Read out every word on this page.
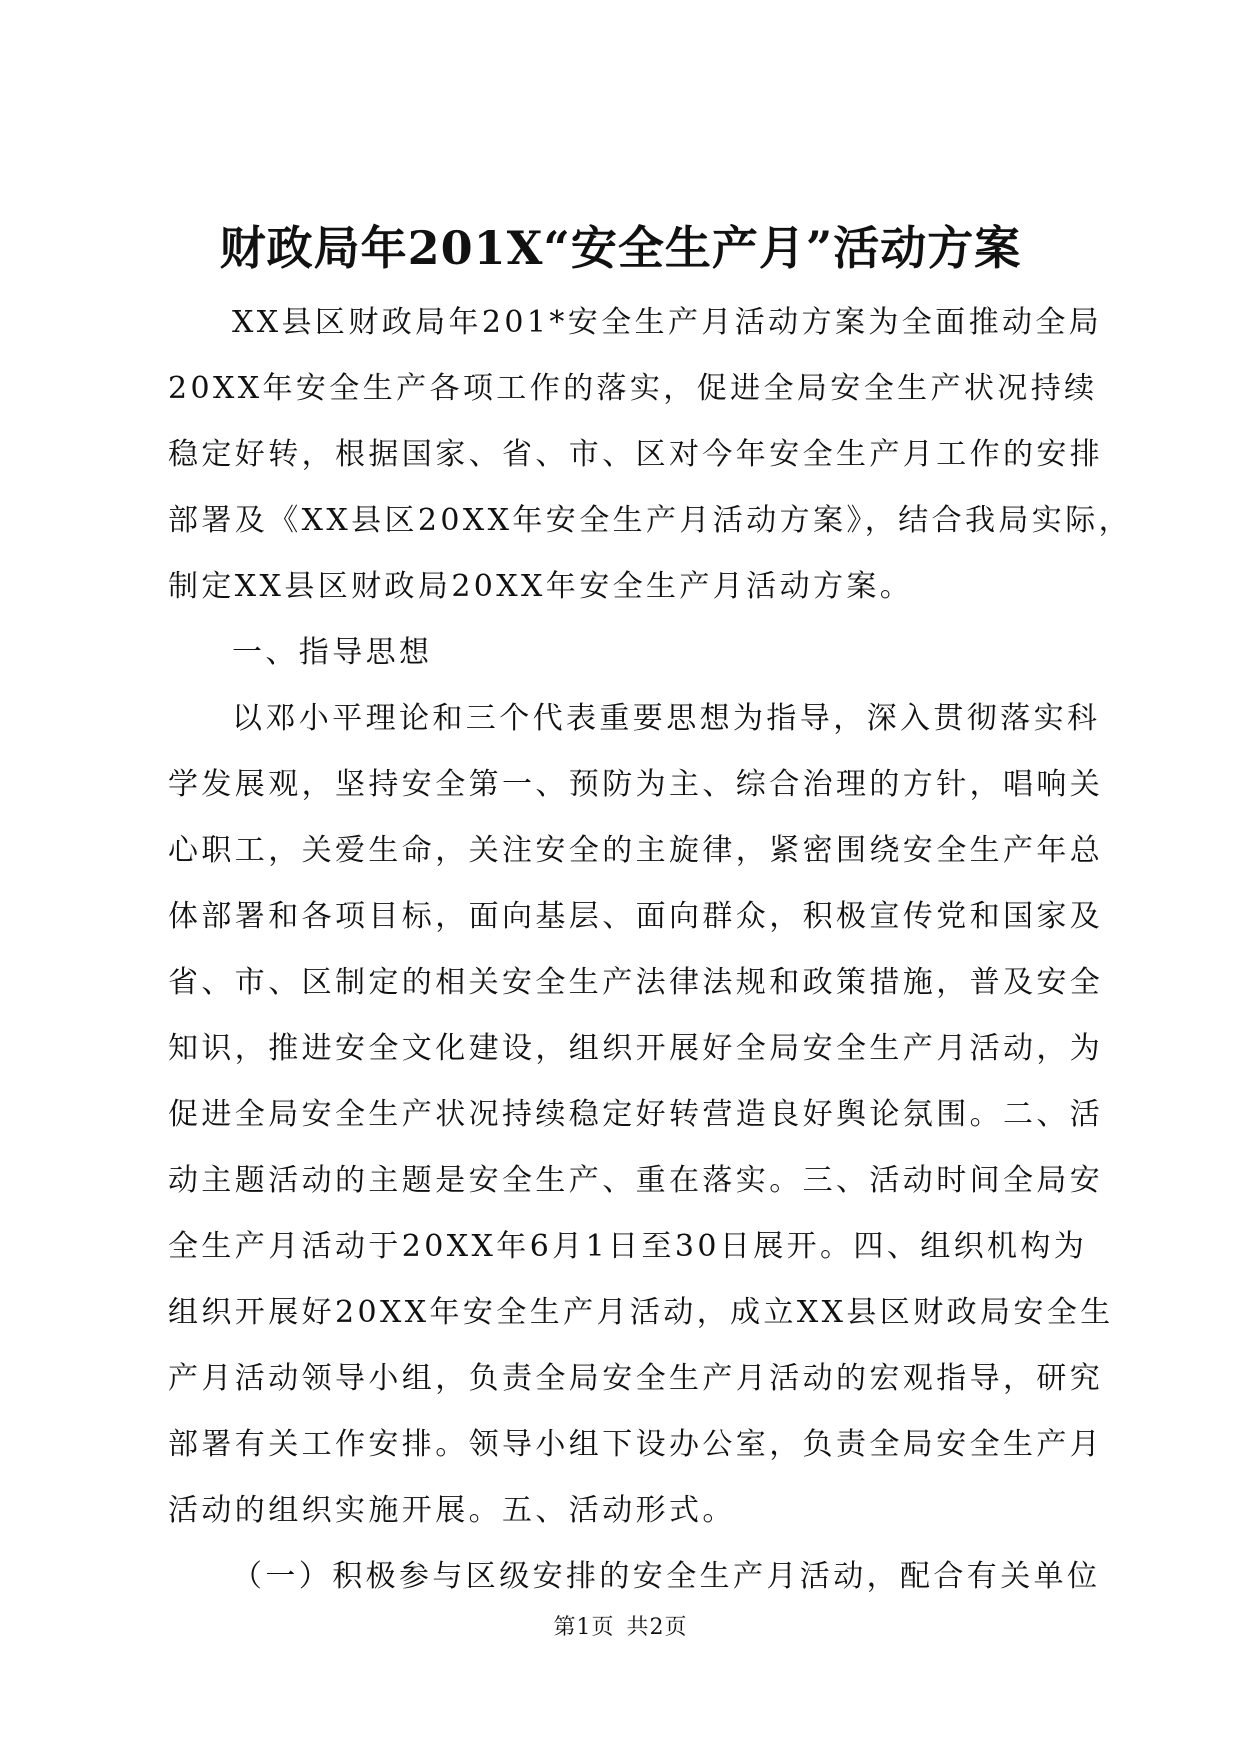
财政局年201X“安全生产月”活动方案
XX县区财政局年201*安全生产月活动方案为全面推动全局
20XX年安全生产各项工作的落实，促进全局安全生产状况持续
稳定好转，根据国家、省、市、区对今年安全生产月工作的安排
部署及《XX县区20XX年安全生产月活动方案》，结合我局实际，
制定XX县区财政局20XX年安全生产月活动方案。
一、指导思想
以邓小平理论和三个代表重要思想为指导，深入贯彻落实科
学发展观，坚持安全第一、预防为主、综合治理的方针，唱响关
心职工，关爱生命，关注安全的主旋律，紧密围绕安全生产年总
体部署和各项目标，面向基层、面向群众，积极宣传党和国家及
省、市、区制定的相关安全生产法律法规和政策措施，普及安全
知识，推进安全文化建设，组织开展好全局安全生产月活动，为
促进全局安全生产状况持续稳定好转营造良好舆论氛围。二、活
动主题活动的主题是安全生产、重在落实。三、活动时间全局安
全生产月活动于20XX年6月1日至30日展开。四、组织机构为
组织开展好20XX年安全生产月活动，成立XX县区财政局安全生
产月活动领导小组，负责全局安全生产月活动的宏观指导，研究
部署有关工作安排。领导小组下设办公室，负责全局安全生产月
活动的组织实施开展。五、活动形式。
（一）积极参与区级安排的安全生产月活动，配合有关单位
第1页 共2页
